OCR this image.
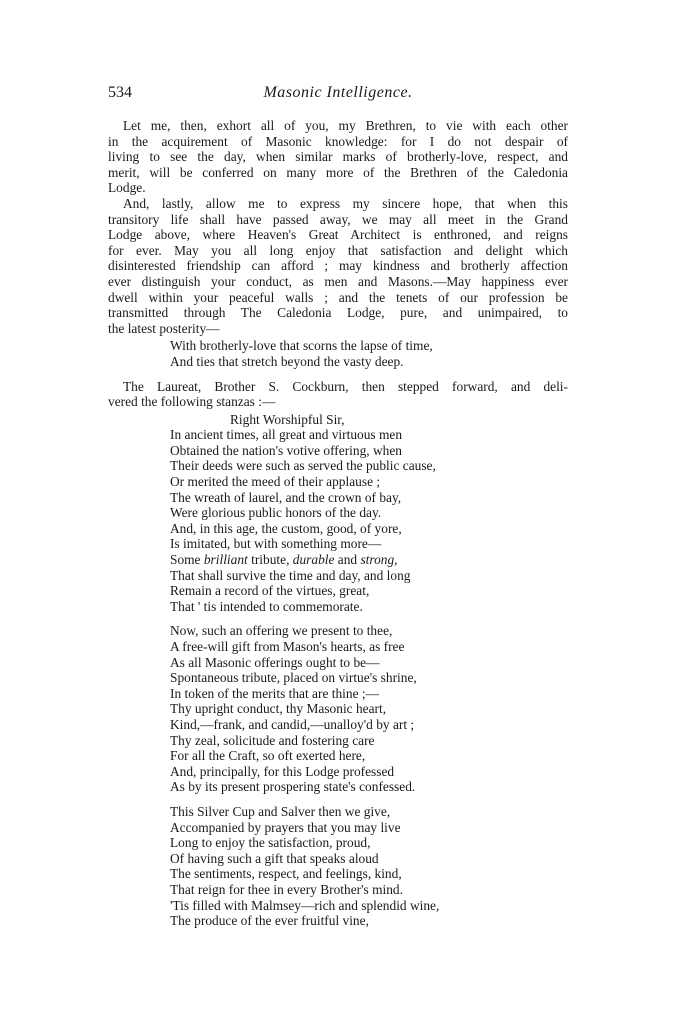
534	Masonic Intelligence.
Let me, then, exhort all of you, my Brethren, to vie with each other
in the acquirement of Masonic knowledge: for I do not despair of
living to see the day, when similar marks of brotherly-love, respect, and
merit, will be conferred on many more of the Brethren of the Caledonia
Lodge.
And, lastly, allow me to express my sincere hope, that when this
transitory life shall have passed away, we may all meet in the Grand
Lodge above, where Heaven's Great Architect is enthroned, and reigns
for ever. May you all long enjoy that satisfaction and delight which
disinterested friendship can afford ; may kindness and brotherly affection
ever distinguish your conduct, as men and Masons.—May happiness ever
dwell within your peaceful walls ; and the tenets of our profession be
transmitted through The Caledonia Lodge, pure, and unimpaired, to
the latest posterity—
With brotherly-love that scorns the lapse of time,
And ties that stretch beyond the vasty deep.
The Laureat, Brother S. Cockburn, then stepped forward, and deli-
vered the following stanzas :—
Right Worshipful Sir,
In ancient times, all great and virtuous men
Obtained the nation's votive offering, when
Their deeds were such as served the public cause,
Or merited the meed of their applause ;
The wreath of laurel, and the crown of bay,
Were glorious public honors of the day.
And, in this age, the custom, good, of yore,
Is imitated, but with something more—
Some brilliant tribute, durable and strong,
That shall survive the time and day, and long
Remain a record of the virtues, great,
That ' tis intended to commemorate.
Now, such an offering we present to thee,
A free-will gift from Mason's hearts, as free
As all Masonic offerings ought to be—
Spontaneous tribute, placed on virtue's shrine,
In token of the merits that are thine ;—
Thy upright conduct, thy Masonic heart,
Kind,—frank, and candid,—unalloy'd by art ;
Thy zeal, solicitude and fostering care
For all the Craft, so oft exerted here,
And, principally, for this Lodge professed
As by its present prospering state's confessed.
This Silver Cup and Salver then we give,
Accompanied by prayers that you may live
Long to enjoy the satisfaction, proud,
Of having such a gift that speaks aloud
The sentiments, respect, and feelings, kind,
That reign for thee in every Brother's mind.
'Tis filled with Malmsey—rich and splendid wine,
The produce of the ever fruitful vine,
